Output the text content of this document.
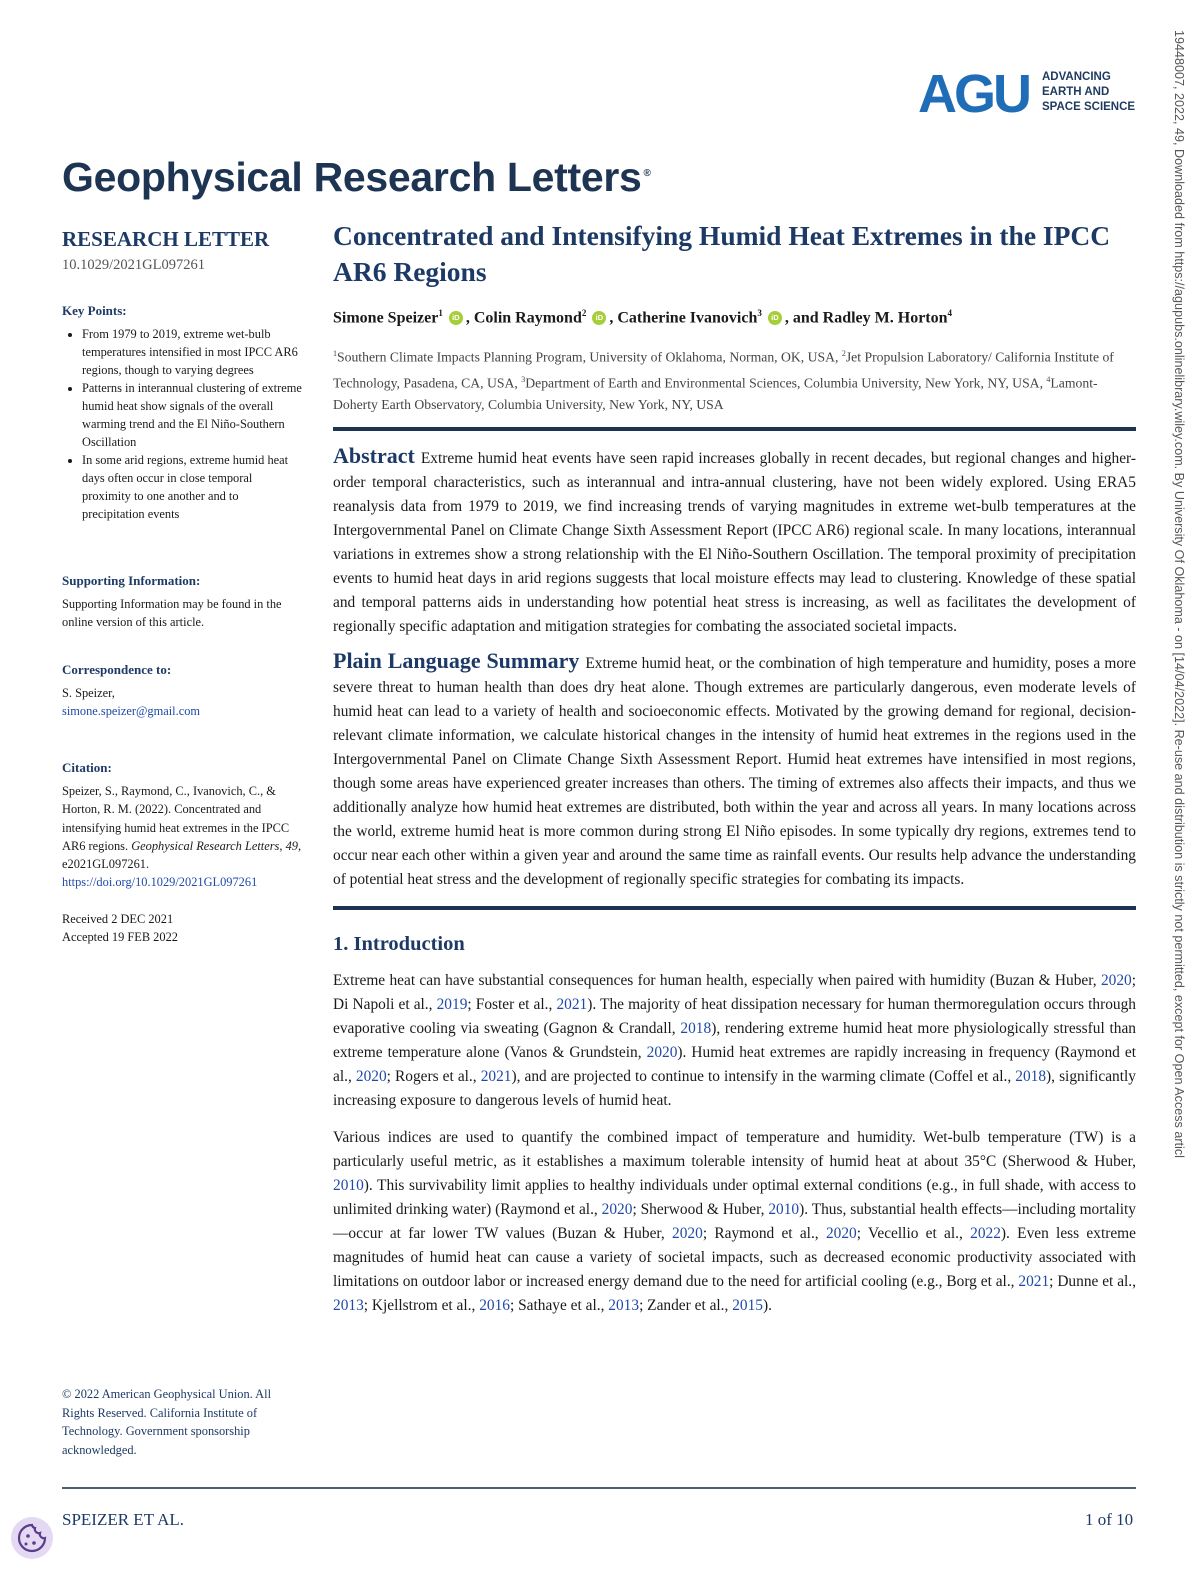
19448007, 2022, 49, Downloaded from https://agupubs.onlinelibrary.wiley.com. By University Of Oklahoma - on [14/04/2022]. Re-use and distribution is strictly not permitted, except for Open Access articl
AGU ADVANCING
EARTH AND
SPACE SCIENCE
Geophysical Research Letters ®
RESEARCH LETTER
10.1029/2021GL097261
Key Points:
• From 1979 to 2019, extreme wet-bulb temperatures intensified in most IPCC AR6 regions, though to varying degrees
• Patterns in interannual clustering of extreme humid heat show signals of the overall warming trend and the El Niño-Southern Oscillation
• In some arid regions, extreme humid heat days often occur in close temporal proximity to one another and to precipitation events
Supporting Information:
Supporting Information may be found in the online version of this article.
Correspondence to:
S. Speizer,
simone.speizer@gmail.com
Citation:
Speizer, S., Raymond, C., Ivanovich, C., & Horton, R. M. (2022). Concentrated and intensifying humid heat extremes in the IPCC AR6 regions. Geophysical Research Letters, 49, e2021GL097261.
https://doi.org/10.1029/2021GL097261
Received 2 DEC 2021
Accepted 19 FEB 2022
© 2022 American Geophysical Union. All Rights Reserved. California Institute of Technology. Government sponsorship acknowledged.
Concentrated and Intensifying Humid Heat Extremes in the IPCC AR6 Regions
Simone Speizer$^1$ iD , Colin Raymond$^2$ iD , Catherine Ivanovich$^3$ iD , and Radley M. Horton$^4$
$^1$Southern Climate Impacts Planning Program, University of Oklahoma, Norman, OK, USA, $^2$Jet Propulsion Laboratory/ California Institute of Technology, Pasadena, CA, USA, $^3$Department of Earth and Environmental Sciences, Columbia University, New York, NY, USA, $^4$Lamont-Doherty Earth Observatory, Columbia University, New York, NY, USA
Abstract Extreme humid heat events have seen rapid increases globally in recent decades, but regional changes and higher-order temporal characteristics, such as interannual and intra-annual clustering, have not been widely explored. Using ERA5 reanalysis data from 1979 to 2019, we find increasing trends of varying magnitudes in extreme wet-bulb temperatures at the Intergovernmental Panel on Climate Change Sixth Assessment Report (IPCC AR6) regional scale. In many locations, interannual variations in extremes show a strong relationship with the El Niño-Southern Oscillation. The temporal proximity of precipitation events to humid heat days in arid regions suggests that local moisture effects may lead to clustering. Knowledge of these spatial and temporal patterns aids in understanding how potential heat stress is increasing, as well as facilitates the development of regionally specific adaptation and mitigation strategies for combating the associated societal impacts.
Plain Language Summary Extreme humid heat, or the combination of high temperature and humidity, poses a more severe threat to human health than does dry heat alone. Though extremes are particularly dangerous, even moderate levels of humid heat can lead to a variety of health and socioeconomic effects. Motivated by the growing demand for regional, decision-relevant climate information, we calculate historical changes in the intensity of humid heat extremes in the regions used in the Intergovernmental Panel on Climate Change Sixth Assessment Report. Humid heat extremes have intensified in most regions, though some areas have experienced greater increases than others. The timing of extremes also affects their impacts, and thus we additionally analyze how humid heat extremes are distributed, both within the year and across all years. In many locations across the world, extreme humid heat is more common during strong El Niño episodes. In some typically dry regions, extremes tend to occur near each other within a given year and around the same time as rainfall events. Our results help advance the understanding of potential heat stress and the development of regionally specific strategies for combating its impacts.
1. Introduction
Extreme heat can have substantial consequences for human health, especially when paired with humidity (Buzan & Huber, 2020; Di Napoli et al., 2019; Foster et al., 2021). The majority of heat dissipation necessary for human thermoregulation occurs through evaporative cooling via sweating (Gagnon & Crandall, 2018), rendering extreme humid heat more physiologically stressful than extreme temperature alone (Vanos & Grundstein, 2020). Humid heat extremes are rapidly increasing in frequency (Raymond et al., 2020; Rogers et al., 2021), and are projected to continue to intensify in the warming climate (Coffel et al., 2018), significantly increasing exposure to dangerous levels of humid heat.
Various indices are used to quantify the combined impact of temperature and humidity. Wet-bulb temperature (TW) is a particularly useful metric, as it establishes a maximum tolerable intensity of humid heat at about 35°C (Sherwood & Huber, 2010). This survivability limit applies to healthy individuals under optimal external conditions (e.g., in full shade, with access to unlimited drinking water) (Raymond et al., 2020; Sherwood & Huber, 2010). Thus, substantial health effects—including mortality—occur at far lower TW values (Buzan & Huber, 2020; Raymond et al., 2020; Vecellio et al., 2022). Even less extreme magnitudes of humid heat can cause a variety of societal impacts, such as decreased economic productivity associated with limitations on outdoor labor or increased energy demand due to the need for artificial cooling (e.g., Borg et al., 2021; Dunne et al., 2013; Kjellstrom et al., 2016; Sathaye et al., 2013; Zander et al., 2015).
SPEIZER ET AL.	1 of 10
